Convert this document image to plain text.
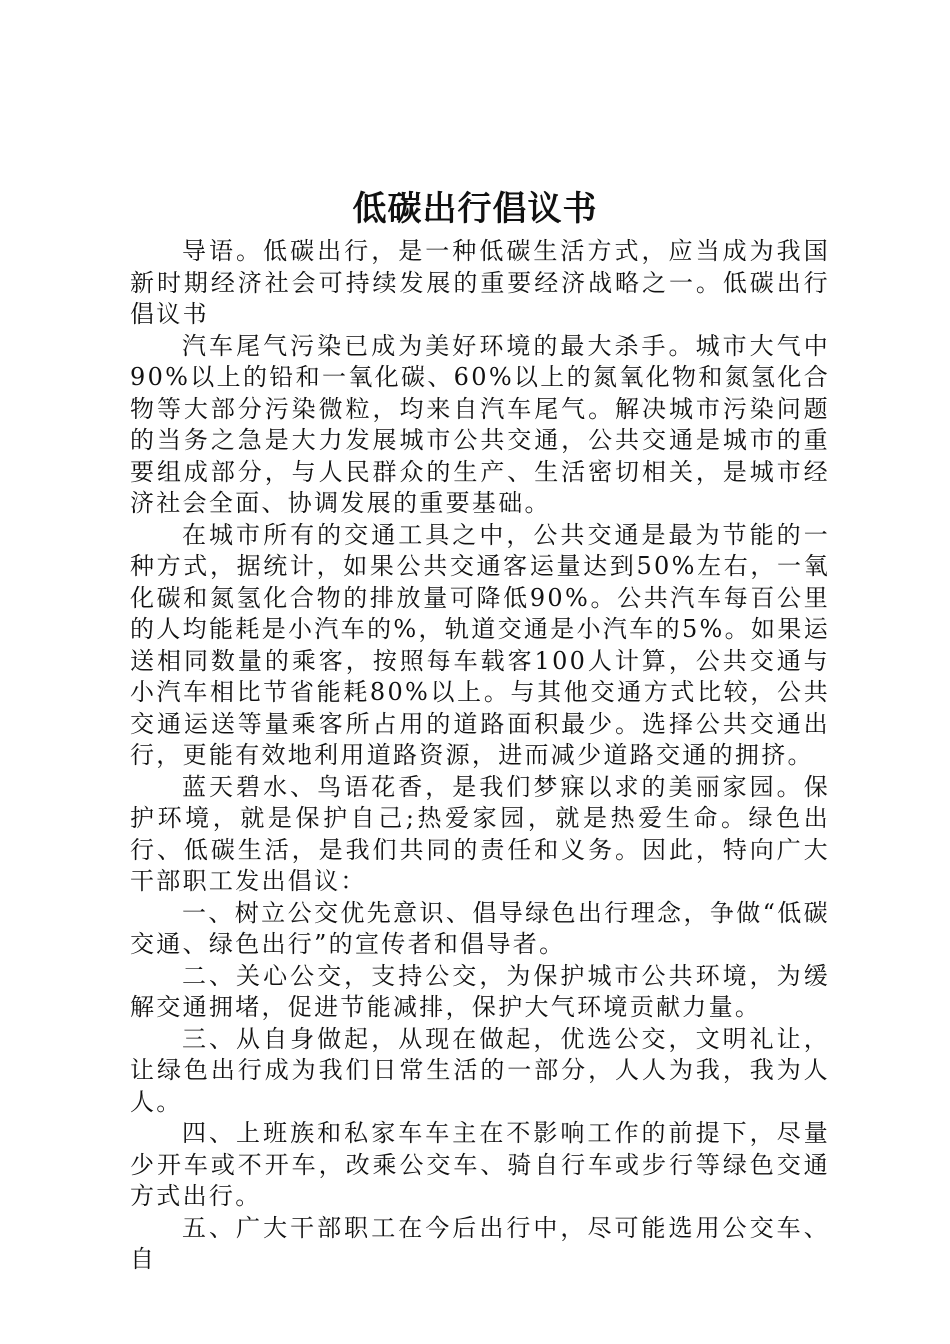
低碳出行倡议书

导语。低碳出行，是一种低碳生活方式，应当成为我国新时期经济社会可持续发展的重要经济战略之一。低碳出行倡议书

汽车尾气污染已成为美好环境的最大杀手。城市大气中90%以上的铅和一氧化碳、60%以上的氮氧化物和氮氢化合物等大部分污染微粒，均来自汽车尾气。解决城市污染问题的当务之急是大力发展城市公共交通，公共交通是城市的重要组成部分，与人民群众的生产、生活密切相关，是城市经济社会全面、协调发展的重要基础。

在城市所有的交通工具之中，公共交通是最为节能的一种方式，据统计，如果公共交通客运量达到50%左右，一氧化碳和氮氢化合物的排放量可降低90%。公共汽车每百公里的人均能耗是小汽车的%，轨道交通是小汽车的5%。如果运送相同数量的乘客，按照每车载客100人计算，公共交通与小汽车相比节省能耗80%以上。与其他交通方式比较，公共交通运送等量乘客所占用的道路面积最少。选择公共交通出行，更能有效地利用道路资源，进而减少道路交通的拥挤。

蓝天碧水、鸟语花香，是我们梦寐以求的美丽家园。保护环境，就是保护自己;热爱家园，就是热爱生命。绿色出行、低碳生活，是我们共同的责任和义务。因此，特向广大干部职工发出倡议：

一、树立公交优先意识、倡导绿色出行理念，争做“低碳交通、绿色出行”的宣传者和倡导者。

二、关心公交，支持公交，为保护城市公共环境，为缓解交通拥堵，促进节能减排，保护大气环境贡献力量。

三、从自身做起，从现在做起，优选公交，文明礼让，让绿色出行成为我们日常生活的一部分，人人为我，我为人人。

四、上班族和私家车车主在不影响工作的前提下，尽量少开车或不开车，改乘公交车、骑自行车或步行等绿色交通方式出行。

五、广大干部职工在今后出行中，尽可能选用公交车、自
